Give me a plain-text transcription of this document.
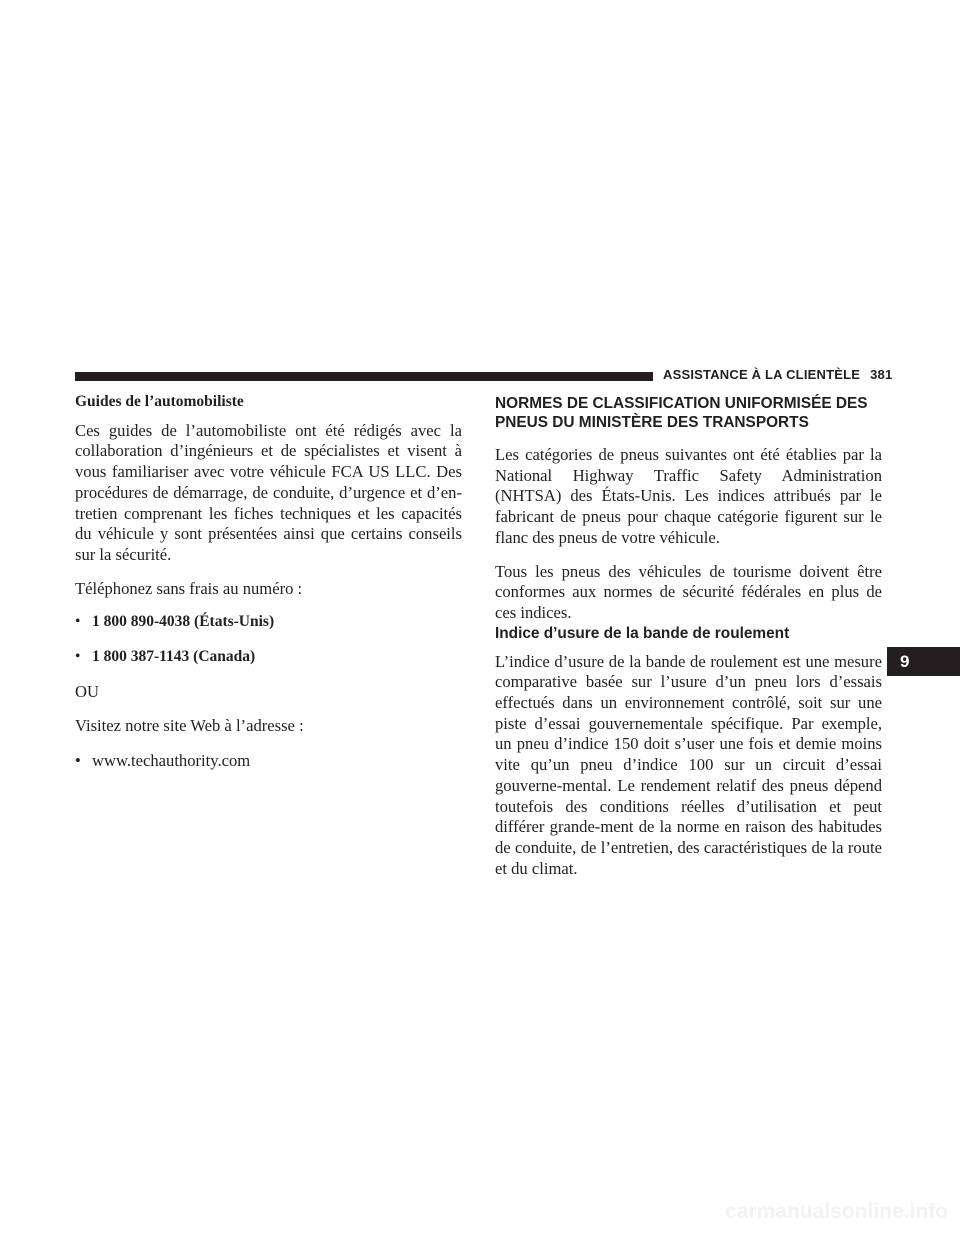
ASSISTANCE À LA CLIENTÈLE 381

Guides de l’automobiliste

Ces guides de l’automobiliste ont été rédigés avec la collaboration d’ingénieurs et de spécialistes et visent à vous familiariser avec votre véhicule FCA US LLC. Des procédures de démarrage, de conduite, d’urgence et d’en-tretien comprenant les fiches techniques et les capacités du véhicule y sont présentées ainsi que certains conseils sur la sécurité.

Téléphonez sans frais au numéro :

• 1 800 890-4038 (États-Unis)
• 1 800 387-1143 (Canada)

OU

Visitez notre site Web à l’adresse :

• www.techauthority.com
NORMES DE CLASSIFICATION UNIFORMISÉE DES
PNEUS DU MINISTÈRE DES TRANSPORTS

Les catégories de pneus suivantes ont été établies par la National Highway Traffic Safety Administration (NHTSA) des États-Unis. Les indices attribués par le fabricant de pneus pour chaque catégorie figurent sur le flanc des pneus de votre véhicule.

Tous les pneus des véhicules de tourisme doivent être conformes aux normes de sécurité fédérales en plus de ces indices.

Indice d’usure de la bande de roulement

L’indice d’usure de la bande de roulement est une mesure comparative basée sur l’usure d’un pneu lors d’essais effectués dans un environnement contrôlé, soit sur une piste d’essai gouvernementale spécifique. Par exemple, un pneu d’indice 150 doit s’user une fois et demie moins vite qu’un pneu d’indice 100 sur un circuit d’essai gouverne-mental. Le rendement relatif des pneus dépend toutefois des conditions réelles d’utilisation et peut différer grande-ment de la norme en raison des habitudes de conduite, de l’entretien, des caractéristiques de la route et du climat.

9
carmanualsonline.info
